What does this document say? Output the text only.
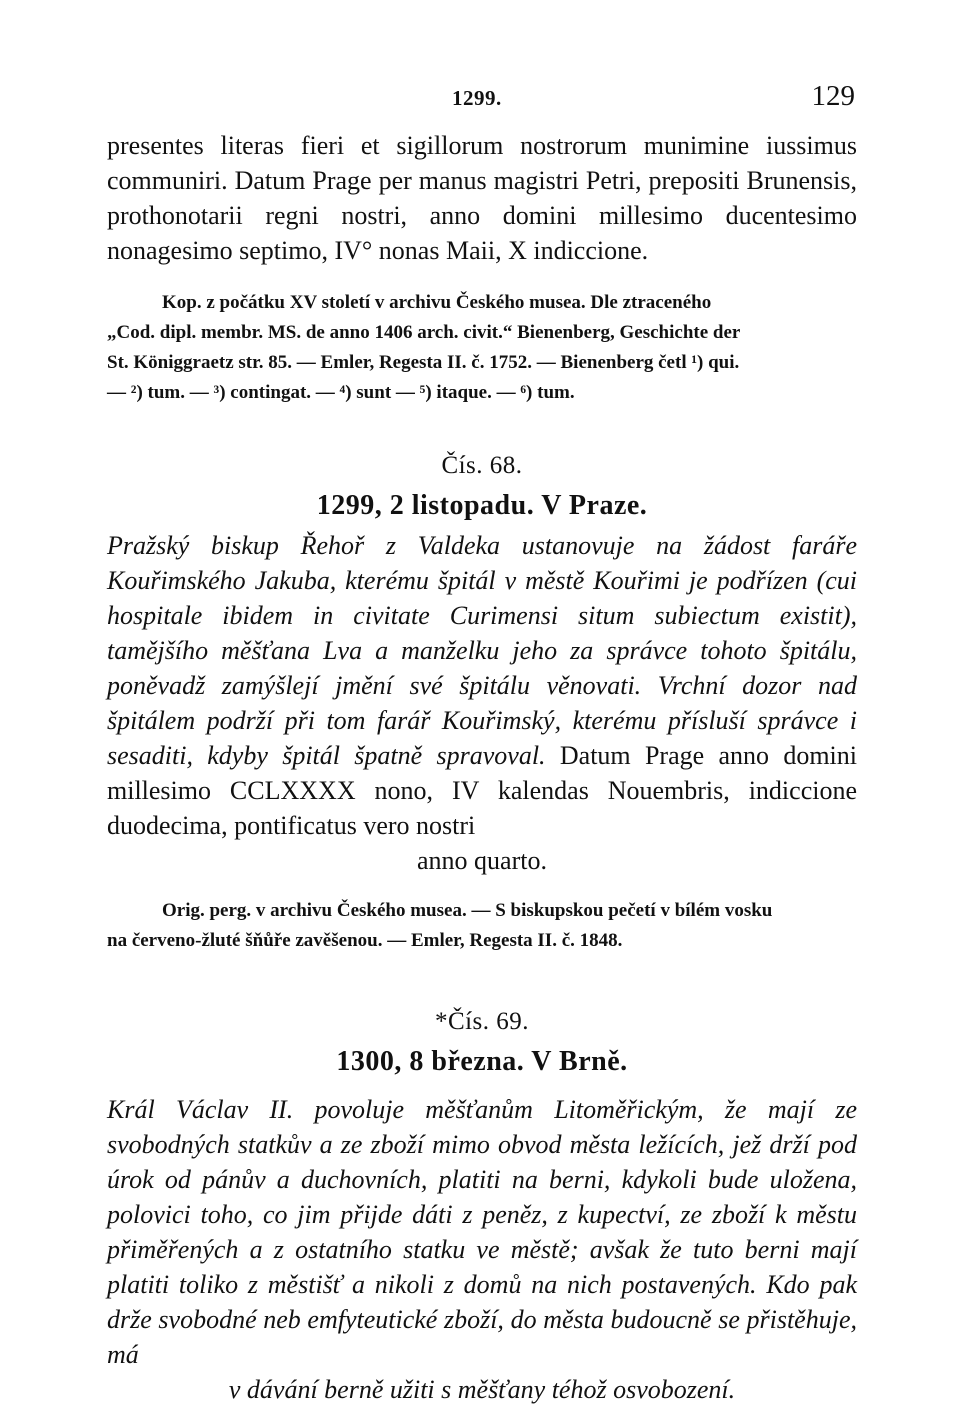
1299.	129

presentes literas fieri et sigillorum nostrorum munimine iussimus communiri. Datum Prage per manus magistri Petri, prepositi Brunensis, prothonotarii regni nostri, anno domini millesimo ducentesimo nonagesimo septimo, IV° nonas Maii, X indiccione.

Kop. z počátku XV století v archivu Českého musea. Dle ztraceného
„Cod. dipl. membr. MS. de anno 1406 arch. civit.“ Bienenberg, Geschichte der
St. Königgraetz str. 85. — Emler, Regesta II. č. 1752. — Bienenberg četl ¹) qui.
— ²) tum. — ³) contingat. — ⁴) sunt — ⁵) itaque. — ⁶) tum.
Čís. 68.
1299, 2 listopadu. V Praze.

Pražský biskup Řehoř z Valdeka ustanovuje na žádost faráře Kouřimského Jakuba, kterému špitál v městě Kouřimi je podřízen (cui hospitale ibidem in civitate Curimensi situm subiectum existit), tamějšího měšťana Lva a manželku jeho za správce tohoto špitálu, poněvadž zamýšlejí jmění své špitálu věnovati. Vrchní dozor nad špitálem podrží při tom farář Kouřimský, kterému přísluší správce i sesaditi, kdyby špitál špatně spravoval. Datum Prage anno domini millesimo CCLXXXX nono, IV kalendas Nouembris, indiccione duodecima, pontificatus vero nostri
anno quarto.

Orig. perg. v archivu Českého musea. — S biskupskou pečetí v bílém vosku
na červeno-žluté šňůře zavěšenou. — Emler, Regesta II. č. 1848.
*Čís. 69.
1300, 8 března. V Brně.

Král Václav II. povoluje měšťanům Litoměřickým, že mají ze svobodných statkův a ze zboží mimo obvod města ležících, jež drží pod úrok od pánův a duchovních, platiti na berni, kdykoli bude uložena, polovici toho, co jim přijde dáti z peněz, z kupectví, ze zboží k městu přiměřených a z ostatního statku ve městě; avšak že tuto berni mají platiti toliko z městišť a nikoli z domů na nich postavených. Kdo pak drže svobodné neb emfyteutické zboží, do města budoucně se přistěhuje, má
v dávání berně užiti s měšťany téhož osvobození.
